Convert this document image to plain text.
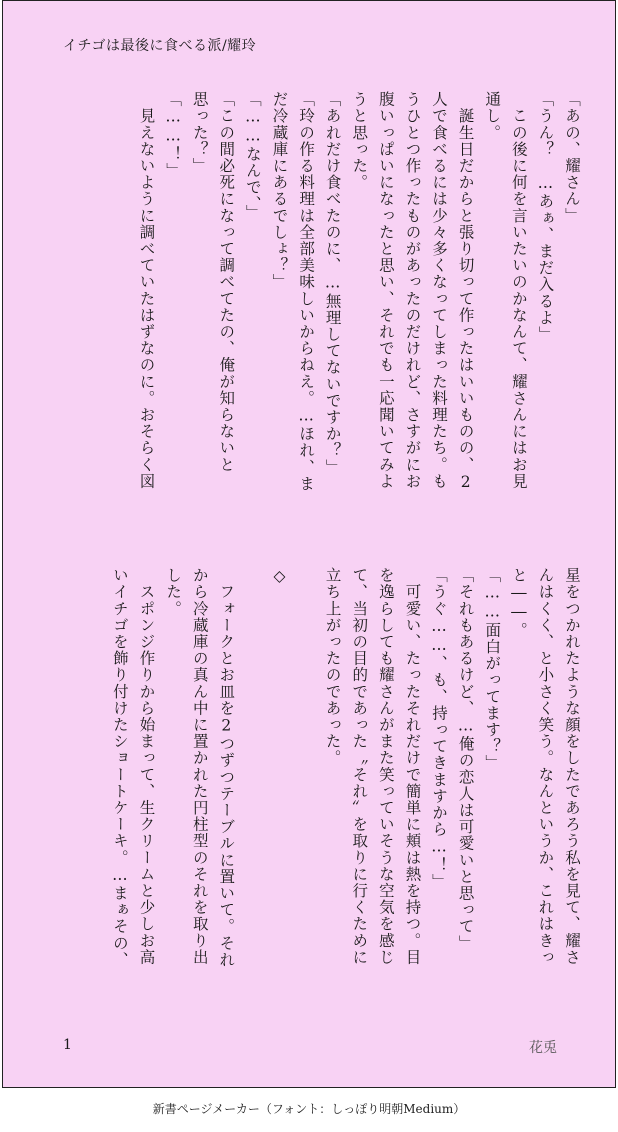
イチゴは最後に食べる派/耀玲

「あの、耀さん」

「うん？　…あぁ、まだ入るよ」

　この後に何を言いたいのかなんて、耀さんにはお見

通し。

　誕生日だからと張り切って作ったはいいものの、2

人で食べるには少々多くなってしまった料理たち。も

うひとつ作ったものがあったのだけれど、さすがにお

腹いっぱいになったと思い、それでも一応聞いてみよ

うと思った。

「あれだけ食べたのに、…無理してないですか？」

「玲の作る料理は全部美味しいからねえ。…ほれ、ま

だ冷蔵庫にあるでしょ？」

「……なんで、」

「この間必死になって調べてたの、俺が知らないと

思った？」

「……！」

　見えないように調べていたはずなのに。おそらく図

星をつかれたような顔をしたであろう私を見て、耀さ

んはくく、と小さく笑う。なんというか、これはきっ

と――。

「……面白がってます？」

「それもあるけど、…俺の恋人は可愛いと思って」

「うぐ……、も、持ってきますから…！」

　可愛い、たったそれだけで簡単に頬は熱を持つ。目

を逸らしても耀さんがまた笑っていそうな空気を感じ

て、当初の目的であった〝それ〟を取りに行くために

立ち上がったのであった。

◇

　フォークとお皿を2つずつテーブルに置いて。それ

から冷蔵庫の真ん中に置かれた円柱型のそれを取り出

した。

　スポンジ作りから始まって、生クリームと少しお高

いイチゴを飾り付けたショートケーキ。…まぁその、

1	花兎
新書ページメーカー（フォント：しっぽり明朝Medium）
